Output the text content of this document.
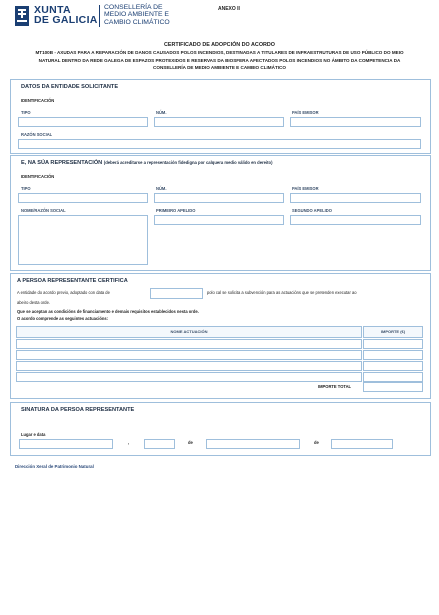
XUNTA
DE GALICIA
CONSELLERÍA DE
MEDIO AMBIENTE E
CAMBIO CLIMÁTICO
ANEXO II
CERTIFICADO DE ADOPCIÓN DO ACORDO
MT100B - AXUDAS PARA A REPARACIÓN DE DANOS CAUSADOS POLOS INCENDIOS, DESTINADAS A TITULARES DE INFRAESTRUTURAS DE USO PÚBLICO DO MEIO
NATURAL DENTRO DA REDE GALEGA DE ESPAZOS PROTEXIDOS E RESERVAS DA BIOSFERA AFECTADOS POLOS INCENDIOS NO ÁMBITO DA COMPETENCIA DA
CONSELLERÍA DE MEDIO AMBIENTE E CAMBIO CLIMÁTICO
DATOS DA ENTIDADE SOLICITANTE
IDENTIFICACIÓN
TIPO	NÚM.	PAÍS EMISOR
RAZÓN SOCIAL
E, NA SÚA REPRESENTACIÓN (deberá acreditarse a representación fidedigna por calquera medio válido en dereito)
IDENTIFICACIÓN
TIPO	NÚM.	PAÍS EMISOR
NOME/RAZÓN SOCIAL	PRIMEIRO APELIDO	SEGUNDO APELIDO
A PERSOA REPRESENTANTE CERTIFICA
A entidade do acordo previo, adoptado con data de	polo cal se solicita a subvención para as actuacións que se pretenden executar ao
abeiro desta orde.
Que se aceptan as condicións de financiamento e demais requisitos establecidos nesta orde.
O acordo comprende as seguintes actuacións:
NOME ACTUACIÓN	IMPORTE (€)
IMPORTE TOTAL
SINATURA DA PERSOA REPRESENTANTE
Lugar e data
,	de	de
Dirección Xeral de Patrimonio Natural
